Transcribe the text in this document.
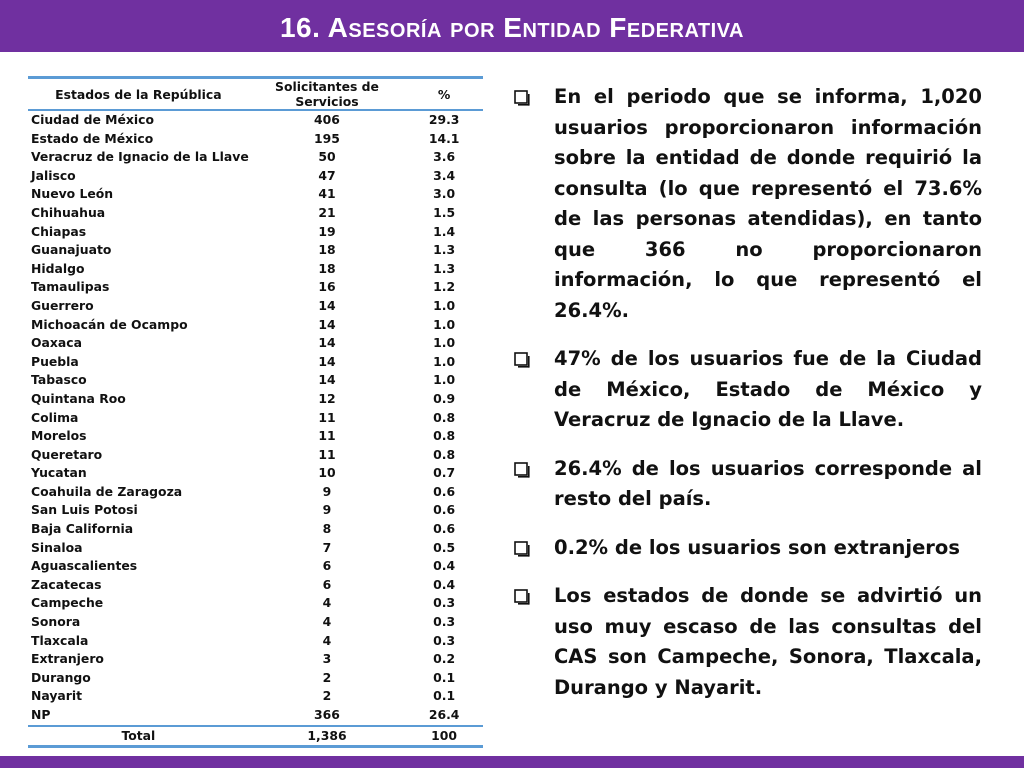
16. Asesoría por Entidad Federativa
Estados de la República	Solicitantes de Servicios	%
Ciudad de México	406	29.3
Estado de México	195	14.1
Veracruz de Ignacio de la Llave	50	3.6
Jalisco	47	3.4
Nuevo León	41	3.0
Chihuahua	21	1.5
Chiapas	19	1.4
Guanajuato	18	1.3
Hidalgo	18	1.3
Tamaulipas	16	1.2
Guerrero	14	1.0
Michoacán de Ocampo	14	1.0
Oaxaca	14	1.0
Puebla	14	1.0
Tabasco	14	1.0
Quintana Roo	12	0.9
Colima	11	0.8
Morelos	11	0.8
Queretaro	11	0.8
Yucatan	10	0.7
Coahuila de Zaragoza	9	0.6
San Luis Potosi	9	0.6
Baja California	8	0.6
Sinaloa	7	0.5
Aguascalientes	6	0.4
Zacatecas	6	0.4
Campeche	4	0.3
Sonora	4	0.3
Tlaxcala	4	0.3
Extranjero	3	0.2
Durango	2	0.1
Nayarit	2	0.1
NP	366	26.4
Total	1,386	100
En el periodo que se informa, 1,020 usuarios proporcionaron información sobre la entidad de donde requirió la consulta (lo que representó el 73.6% de las personas atendidas), en tanto que 366 no proporcionaron información, lo que representó el 26.4%.
47% de los usuarios fue de la Ciudad de México, Estado de México y Veracruz de Ignacio de la Llave.
26.4% de los usuarios corresponde al resto del país.
0.2% de los usuarios son extranjeros
Los estados de donde se advirtió un uso muy escaso de las consultas del CAS son Campeche, Sonora, Tlaxcala, Durango y Nayarit.
